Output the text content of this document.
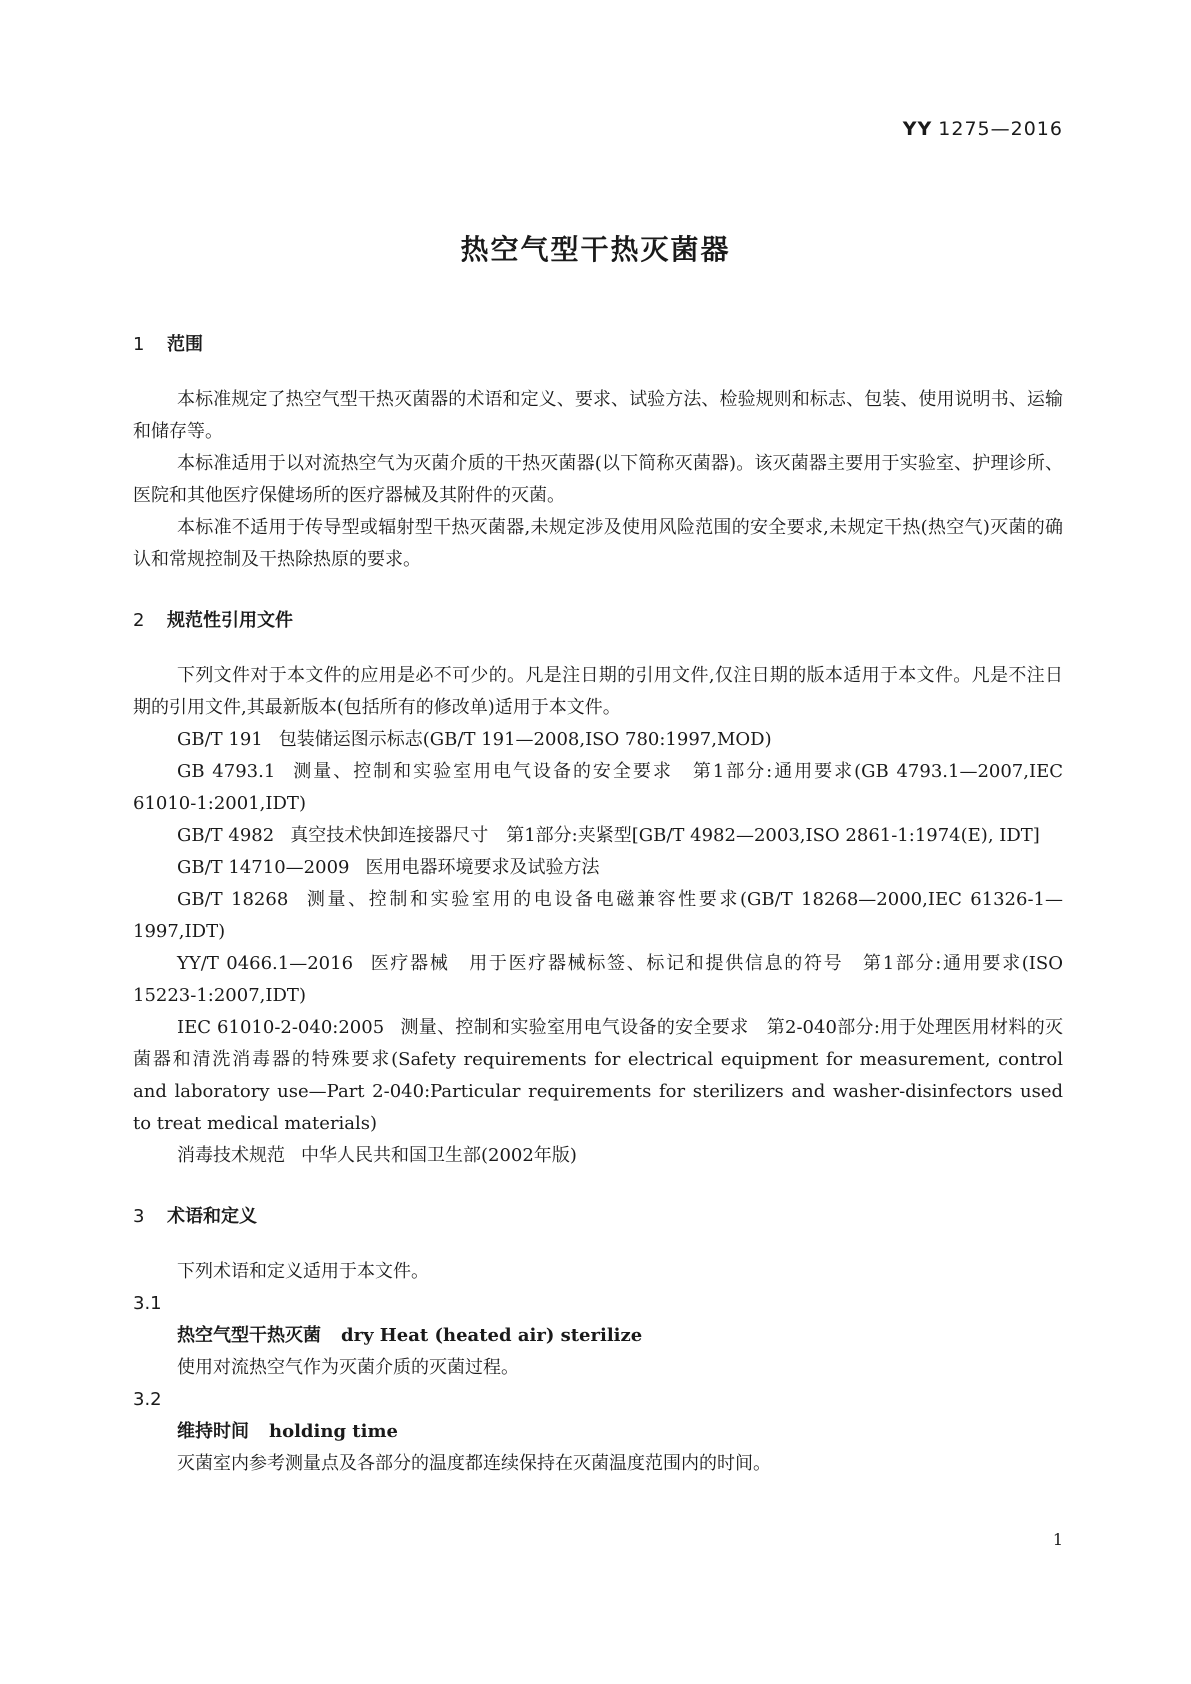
YY 1275—2016
热空气型干热灭菌器

1 范围

本标准规定了热空气型干热灭菌器的术语和定义、要求、试验方法、检验规则和标志、包装、使用说明书、运输和储存等。

本标准适用于以对流热空气为灭菌介质的干热灭菌器(以下简称灭菌器)。该灭菌器主要用于实验室、护理诊所、医院和其他医疗保健场所的医疗器械及其附件的灭菌。

本标准不适用于传导型或辐射型干热灭菌器,未规定涉及使用风险范围的安全要求,未规定干热(热空气)灭菌的确认和常规控制及干热除热原的要求。

2 规范性引用文件

下列文件对于本文件的应用是必不可少的。凡是注日期的引用文件,仅注日期的版本适用于本文件。凡是不注日期的引用文件,其最新版本(包括所有的修改单)适用于本文件。

GB/T 191 包装储运图示标志(GB/T 191—2008,ISO 780:1997,MOD)

GB 4793.1 测量、控制和实验室用电气设备的安全要求　第1部分:通用要求(GB 4793.1—2007,IEC 61010-1:2001,IDT)

GB/T 4982 真空技术快卸连接器尺寸　第1部分:夹紧型[GB/T 4982—2003,ISO 2861-1:1974(E), IDT]

GB/T 14710—2009 医用电器环境要求及试验方法

GB/T 18268 测量、控制和实验室用的电设备电磁兼容性要求(GB/T 18268—2000,IEC 61326-1—1997,IDT)

YY/T 0466.1—2016 医疗器械　用于医疗器械标签、标记和提供信息的符号　第1部分:通用要求(ISO 15223-1:2007,IDT)

IEC 61010-2-040:2005 测量、控制和实验室用电气设备的安全要求　第2-040部分:用于处理医用材料的灭菌器和清洗消毒器的特殊要求(Safety requirements for electrical equipment for measurement, control and laboratory use—Part 2-040:Particular requirements for sterilizers and washer-disinfectors used to treat medical materials)

消毒技术规范 中华人民共和国卫生部(2002年版)

3 术语和定义

下列术语和定义适用于本文件。

3.1

热空气型干热灭菌 dry Heat (heated air) sterilize

使用对流热空气作为灭菌介质的灭菌过程。

3.2

维持时间 holding time

灭菌室内参考测量点及各部分的温度都连续保持在灭菌温度范围内的时间。

1
